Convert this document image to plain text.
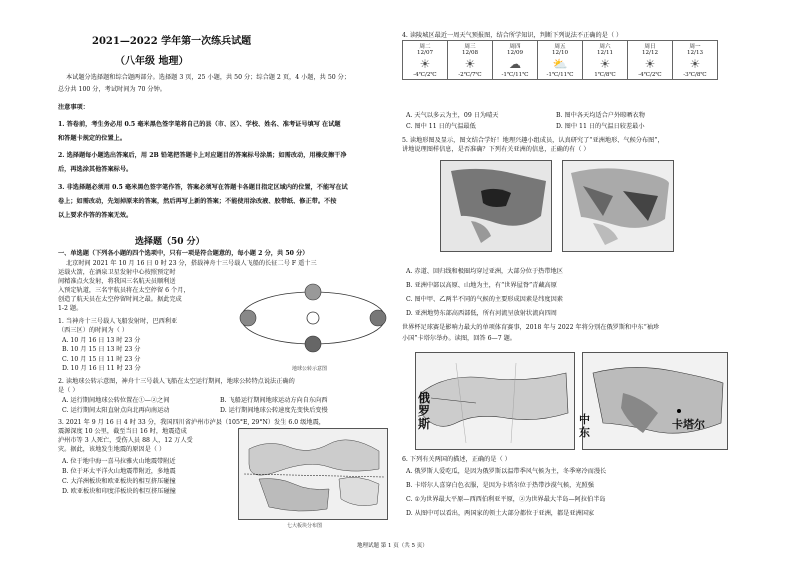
2021—2022 学年第一次练兵试题
（八年级 地理）
本试题分选择题和综合题两部分。选择题 3 页，25 小题，共 50 分；综合题 2 页，4 小题，共 50 分；
总分共 100 分，考试时间为 70 分钟。
注意事项：
1. 答卷前，考生务必用 0.5 毫米黑色签字笔将自己的县（市、区）、学校、姓名、准考证号填写 在试题
和答题卡规定的位置上。
2. 选择题每小题选出答案后，用 2B 铅笔把答题卡上对应题目的答案标号涂黑；如需改动，用橡皮擦干净
后，再选涂其他答案标号。
3. 非选择题必须用 0.5 毫米黑色签字笔作答，答案必须写在答题卡各题目指定区域内的位置，不能写在试
卷上；如需改动，先划掉原来的答案，然后再写上新的答案；不能使用涂改液、胶带纸、修正带。不按
以上要求作答的答案无效。
选择题（50 分）
一、单选题（下列各小题的四个选项中，只有一项是符合题意的，每小题 2 分，共 50 分）
北京时间 2021 年 10 月 16 日 0 时 23 分，搭载神舟十三号载人飞船的长征二号 F 遥十三
运载火箭，在酒泉卫星发射中心按照预定时
间精准点火发射，将我国三名航天员顺利送
入预定轨道，三名宇航员将在太空停留 6 个月，
创造了航天员在太空停留时间之最。据此完成
1-2 题。
1. 当神舟十三号载人飞船发射时，巴西利亚
（西三区）的时间为（ ）
A. 10 月 16 日 13 时 23 分
B. 10 月 15 日 13 时 23 分
C. 10 月 15 日 11 时 23 分
D. 10 月 16 日 11 时 23 分	地球公转示意图
2. 读地球公转示意图，神舟十三号载人飞船在太空运行期间，地球公转特点说法正确的
是（ ）
A. 运行期间地球公转位置在①—②之间	B. 飞船运行期间地球运动方向自东向西
C. 运行期间太阳直射点向北再向南运动	D. 运行期间地球公转速度先变快后变慢
3. 2021 年 9 月 16 日 4 时 33 分，我国四川省泸州市泸县（105°E, 29°N）发生 6.0 级地震，
震源深度 10 公里，截至当日 16 时，地震造成
泸州市等 3 人死亡，受伤人员 88 人，12 万人受
灾。据此，该地发生地震的原因是（ ）
A. 位于地中海一喜马拉雅火山地震带附近
B. 位于环太平洋火山地震带附近，多地震
C. 大洋洲板块和欧亚板块的相互挤压碰撞
D. 欧亚板块和印度洋板块的相互挤压碰撞
七大板块分布图
4. 读陵城区最近一周天气预报图，结合所学知识，判断下列说法不正确的是（ ）
周二
12/07
☀
-4℃/2℃

周三
12/08
☀
-2℃/7℃

周四
12/09
☁
-1℃/11℃

周五
12/10
⛅
-1℃/11℃

周六
12/11
☀
1℃/8℃

周日
12/12
☀
-4℃/2℃

周一
12/13
☀
-3℃/8℃
A. 天气以多云为主，09 日为晴天	B. 图中各天均适合户外晾晒衣物
C. 图中 11 日的气温最低	D. 图中 11 日的气温日较差最小
5. 读地形图及显示，图文结合学好！地理兴趣小组成员，认真研究了“亚洲地形、气候分布图”，
讲地说理图样信息，是否准确？下列有关亚洲的信息，正确的有（ ）
A. 赤道、回归线和极圈均穿过亚洲，大部分位于热带地区
B. 亚洲中部以高原、山地为主，有“世界屋脊”青藏高原
C. 图中甲、乙两半不同的气候的主要形成因素是纬度因素
D. 亚洲地势东部高西部低，所有河流呈放射状流向四周
世界杯足球赛是影响力最大的单项体育赛事，2018 年与 2022 年将分别在俄罗斯和中东“袖珍
小国”卡塔尔举办。读图，回答 6—7 题。
俄罗斯	中东
卡塔尔
6. 下列有关两国的描述，正确的是（ ）
A. 俄罗斯人爱吃瓜，是因为俄罗斯以温带季风气候为主，冬季寒冷而漫长
B. 卡塔尔人喜穿白色衣服，是因为卡塔尔位于热带沙漠气候，光照强
C. ①为世界最大平原—西西伯利亚平原，②为世界最大半岛—阿拉伯半岛
D. 从图中可以看出，两国家的领土大部分都位于亚洲，都是亚洲国家
地理试题 第 1 页（共 5 页）
